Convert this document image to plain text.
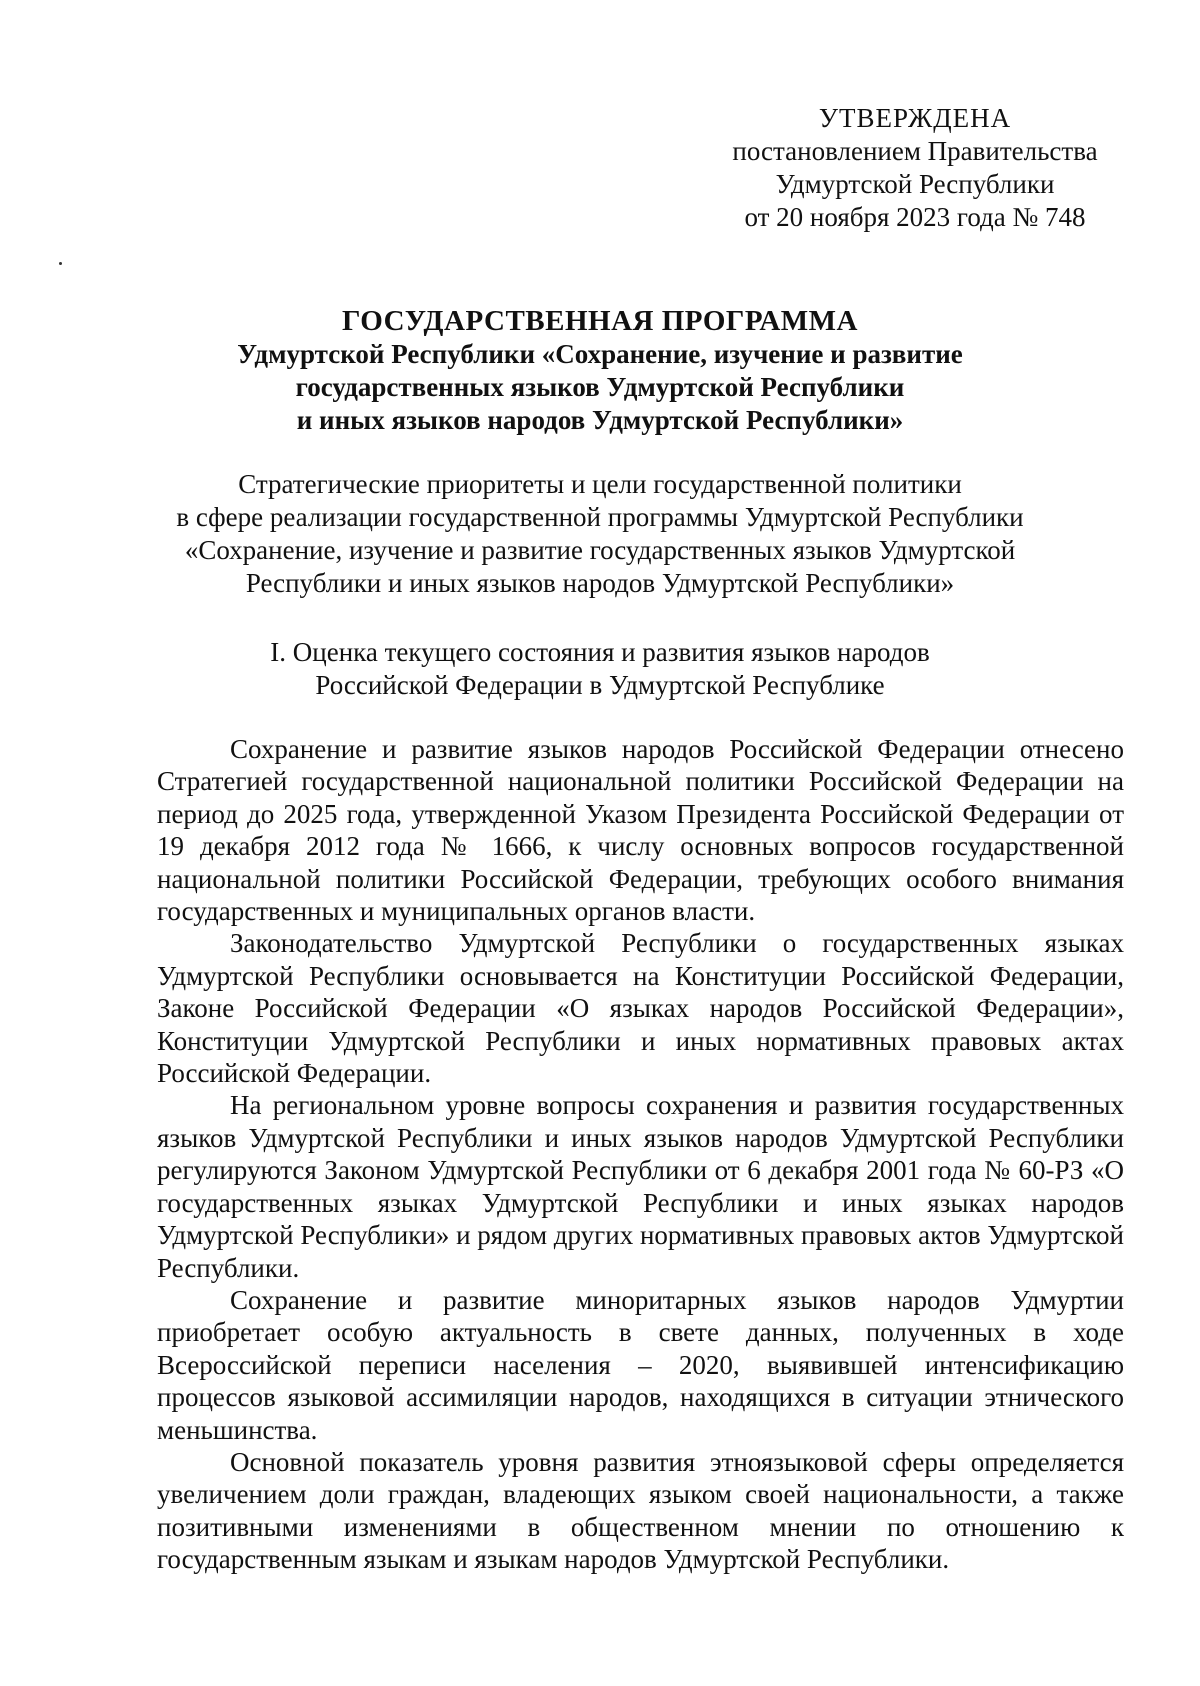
УТВЕРЖДЕНА
постановлением Правительства
Удмуртской Республики
от 20 ноября 2023 года № 748
ГОСУДАРСТВЕННАЯ ПРОГРАММА
Удмуртской Республики «Сохранение, изучение и развитие
государственных языков Удмуртской Республики
и иных языков народов Удмуртской Республики»
Стратегические приоритеты и цели государственной политики
в сфере реализации государственной программы Удмуртской Республики
«Сохранение, изучение и развитие государственных языков Удмуртской
Республики и иных языков народов Удмуртской Республики»
I. Оценка текущего состояния и развития языков народов
Российской Федерации в Удмуртской Республике

Сохранение и развитие языков народов Российской Федерации отнесено Стратегией государственной национальной политики Российской Федерации на период до 2025 года, утвержденной Указом Президента Российской Федерации от 19 декабря 2012 года № 1666, к числу основных вопросов государственной национальной политики Российской Федерации, требующих особого внимания государственных и муниципальных органов власти.

Законодательство Удмуртской Республики о государственных языках Удмуртской Республики основывается на Конституции Российской Федерации, Законе Российской Федерации «О языках народов Российской Федерации», Конституции Удмуртской Республики и иных нормативных правовых актах Российской Федерации.

На региональном уровне вопросы сохранения и развития государственных языков Удмуртской Республики и иных языков народов Удмуртской Республики регулируются Законом Удмуртской Республики от 6 декабря 2001 года № 60-РЗ «О государственных языках Удмуртской Республики и иных языках народов Удмуртской Республики» и рядом других нормативных правовых актов Удмуртской Республики.

Сохранение и развитие миноритарных языков народов Удмуртии приобретает особую актуальность в свете данных, полученных в ходе Всероссийской переписи населения – 2020, выявившей интенсификацию процессов языковой ассимиляции народов, находящихся в ситуации этнического меньшинства.

Основной показатель уровня развития этноязыковой сферы определяется увеличением доли граждан, владеющих языком своей национальности, а также позитивными изменениями в общественном мнении по отношению к государственным языкам и языкам народов Удмуртской Республики.
